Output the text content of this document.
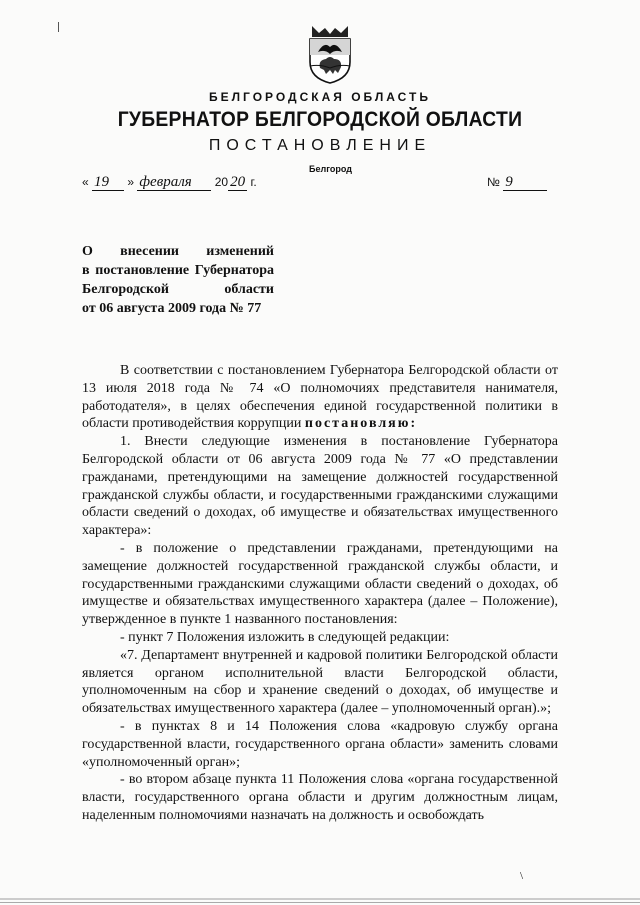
БЕЛГОРОДСКАЯ ОБЛАСТЬ
ГУБЕРНАТОР БЕЛГОРОДСКОЙ ОБЛАСТИ
ПОСТАНОВЛЕНИЕ
Белгород
« 19 » февраля 20 20 г.	№ 9
О внесении изменений
в постановление Губернатора
Белгородской области
от 06 августа 2009 года № 77

В соответствии с постановлением Губернатора Белгородской области от 13 июля 2018 года № 74 «О полномочиях представителя нанимателя, работодателя», в целях обеспечения единой государственной политики в области противодействия коррупции постановляю:

1. Внести следующие изменения в постановление Губернатора Белгородской области от 06 августа 2009 года № 77 «О представлении гражданами, претендующими на замещение должностей государственной гражданской службы области, и государственными гражданскими служащими области сведений о доходах, об имуществе и обязательствах имущественного характера»:

- в положение о представлении гражданами, претендующими на замещение должностей государственной гражданской службы области, и государственными гражданскими служащими области сведений о доходах, об имуществе и обязательствах имущественного характера (далее – Положение), утвержденное в пункте 1 названного постановления:

- пункт 7 Положения изложить в следующей редакции:

«7. Департамент внутренней и кадровой политики Белгородской области является органом исполнительной власти Белгородской области, уполномоченным на сбор и хранение сведений о доходах, об имуществе и обязательствах имущественного характера (далее – уполномоченный орган).»;

- в пунктах 8 и 14 Положения слова «кадровую службу органа государственной власти, государственного органа области» заменить словами «уполномоченный орган»;

- во втором абзаце пункта 11 Положения слова «органа государственной власти, государственного органа области и другим должностным лицам, наделенным полномочиями назначать на должность и освобождать

\
